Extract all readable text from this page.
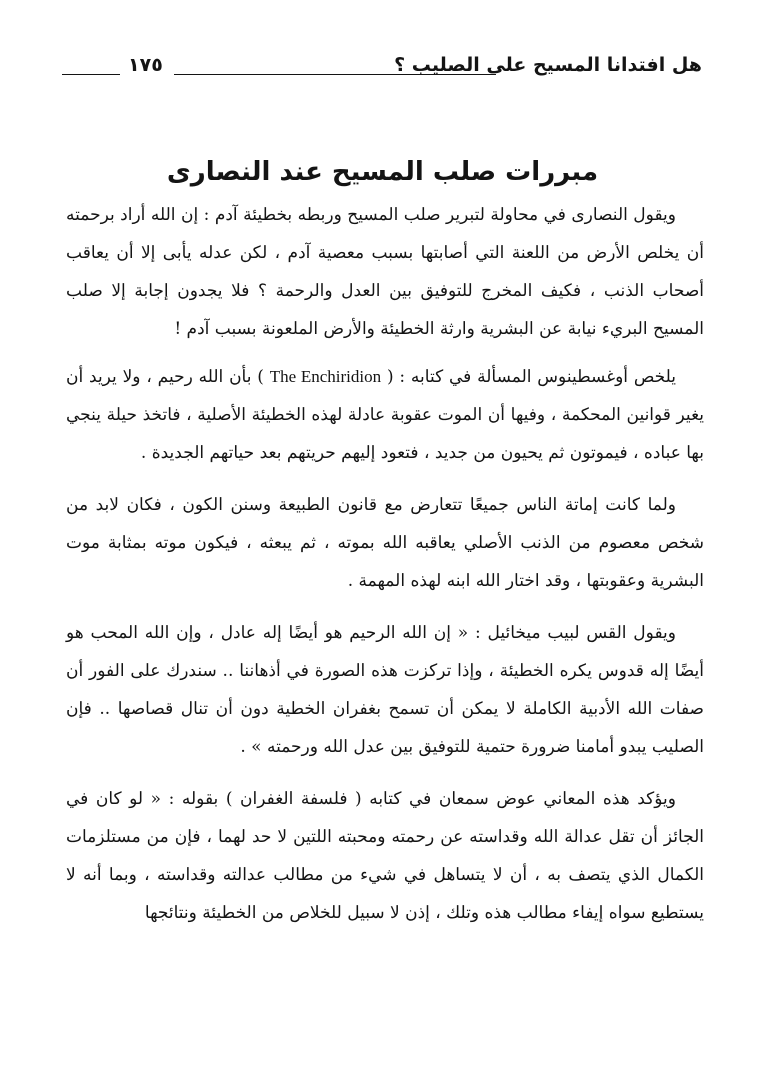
هل افتدانا المسيح على الصليب ؟
١٧٥
مبررات صلب المسيح عند النصارى

ويقول النصارى في محاولة لتبرير صلب المسيح وربطه بخطيئة آدم : إن الله أراد برحمته أن يخلص الأرض من اللعنة التي أصابتها بسبب معصية آدم ، لكن عدله يأبى إلا أن يعاقب أصحاب الذنب ، فكيف المخرج للتوفيق بين العدل والرحمة ؟ فلا يجدون إجابة إلا صلب المسيح البريء نيابة عن البشرية وارثة الخطيئة والأرض الملعونة بسبب آدم !

يلخص أوغسطينوس المسألة في كتابه : ( The Enchiridion ) بأن الله رحيم ، ولا يريد أن يغير قوانين المحكمة ، وفيها أن الموت عقوبة عادلة لهذه الخطيئة الأصلية ، فاتخذ حيلة ينجي بها عباده ، فيموتون ثم يحيون من جديد ، فتعود إليهم حريتهم بعد حياتهم الجديدة .

ولما كانت إماتة الناس جميعًا تتعارض مع قانون الطبيعة وسنن الكون ، فكان لابد من شخص معصوم من الذنب الأصلي يعاقبه الله بموته ، ثم يبعثه ، فيكون موته بمثابة موت البشرية وعقوبتها ، وقد اختار الله ابنه لهذه المهمة .

ويقول القس لبيب ميخائيل : « إن الله الرحيم هو أيضًا إله عادل ، وإن الله المحب هو أيضًا إله قدوس يكره الخطيئة ، وإذا تركزت هذه الصورة في أذهاننا .. سندرك على الفور أن صفات الله الأدبية الكاملة لا يمكن أن تسمح بغفران الخطية دون أن تنال قصاصها .. فإن الصليب يبدو أمامنا ضرورة حتمية للتوفيق بين عدل الله ورحمته » .

ويؤكد هذه المعاني عوض سمعان في كتابه ( فلسفة الغفران ) بقوله : « لو كان في الجائز أن تقل عدالة الله وقداسته عن رحمته ومحبته اللتين لا حد لهما ، فإن من مستلزمات الكمال الذي يتصف به ، أن لا يتساهل في شيء من مطالب عدالته وقداسته ، وبما أنه لا يستطيع سواه إيفاء مطالب هذه وتلك ، إذن لا سبيل للخلاص من الخطيئة ونتائجها
